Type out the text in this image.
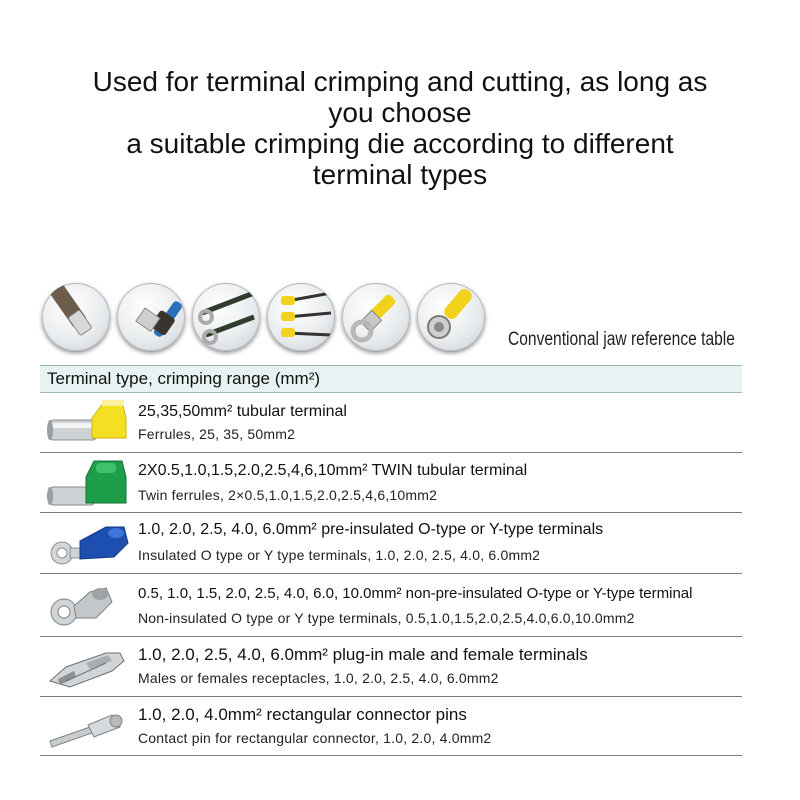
Used for terminal crimping and cutting, as long as
you choose
a suitable crimping die according to different
terminal types
Conventional jaw reference table
Terminal type, crimping range (mm²)
25,35,50mm² tubular terminal
Ferrules, 25, 35, 50mm2
2X0.5,1.0,1.5,2.0,2.5,4,6,10mm² TWIN tubular terminal
Twin ferrules, 2×0.5,1.0,1.5,2.0,2.5,4,6,10mm2
1.0, 2.0, 2.5, 4.0, 6.0mm² pre-insulated O-type or Y-type terminals
Insulated O type or Y type terminals, 1.0, 2.0, 2.5, 4.0, 6.0mm2
0.5, 1.0, 1.5, 2.0, 2.5, 4.0, 6.0, 10.0mm² non-pre-insulated O-type or Y-type terminal
Non-insulated O type or Y type terminals, 0.5,1.0,1.5,2.0,2.5,4.0,6.0,10.0mm2
1.0, 2.0, 2.5, 4.0, 6.0mm² plug-in male and female terminals
Males or females receptacles, 1.0, 2.0, 2.5, 4.0, 6.0mm2
1.0, 2.0, 4.0mm² rectangular connector pins
Contact pin for rectangular connector, 1.0, 2.0, 4.0mm2
